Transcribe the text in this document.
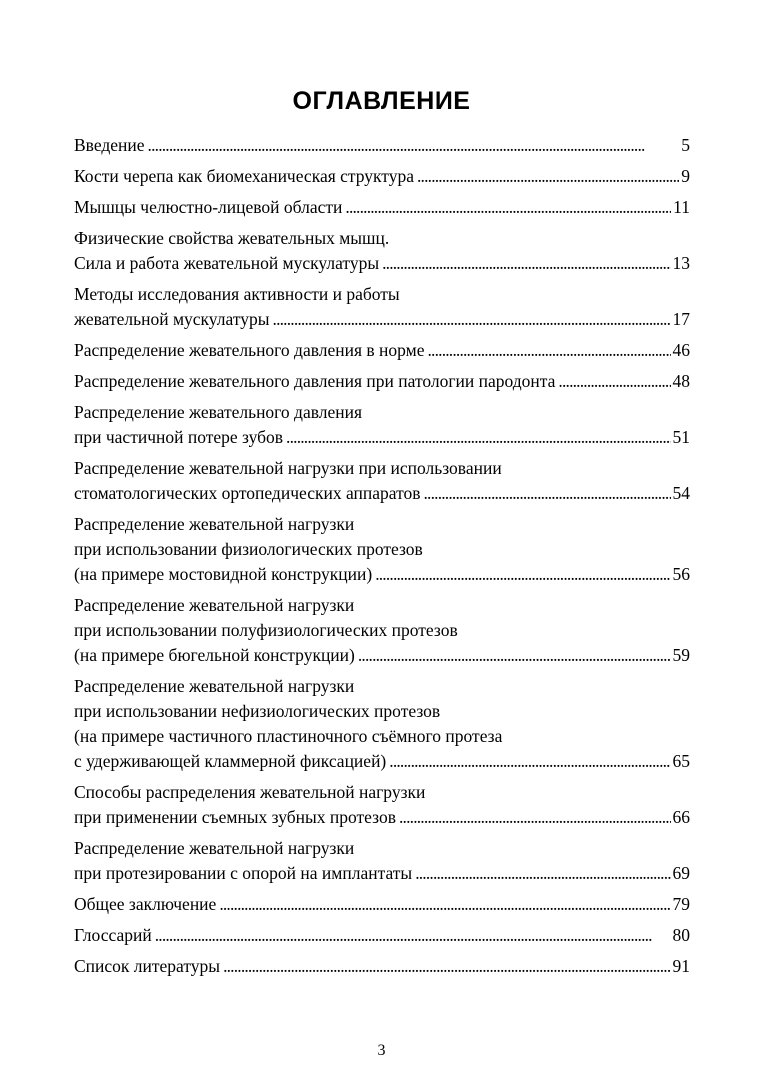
ОГЛАВЛЕНИЕ
Введение . . .	5
Кости черепа как биомеханическая структура . . .	9
Мышцы челюстно-лицевой области . . .	11
Физические свойства жевательных мышц.
Сила и работа жевательной мускулатуры . . .	13
Методы исследования активности и работы
жевательной мускулатуры . . .	17
Распределение жевательного давления в норме . . .	46
Распределение жевательного давления при патологии пародонта . . .	48
Распределение жевательного давления
при частичной потере зубов . . .	51
Распределение жевательной нагрузки при использовании
стоматологических ортопедических аппаратов . . .	54
Распределение жевательной нагрузки
при использовании физиологических протезов
(на примере мостовидной конструкции) . . .	56
Распределение жевательной нагрузки
при использовании полуфизиологических протезов
(на примере бюгельной конструкции) . . .	59
Распределение жевательной нагрузки
при использовании нефизиологических протезов
(на примере частичного пластиночного съёмного протеза
с удерживающей кламмерной фиксацией) . . .	65
Способы распределения жевательной нагрузки
при применении съемных зубных протезов . . .	66
Распределение жевательной нагрузки
при протезировании с опорой на имплантаты . . .	69
Общее заключение . . .	79
Глоссарий . . .	80
Список литературы . . .	91
3
